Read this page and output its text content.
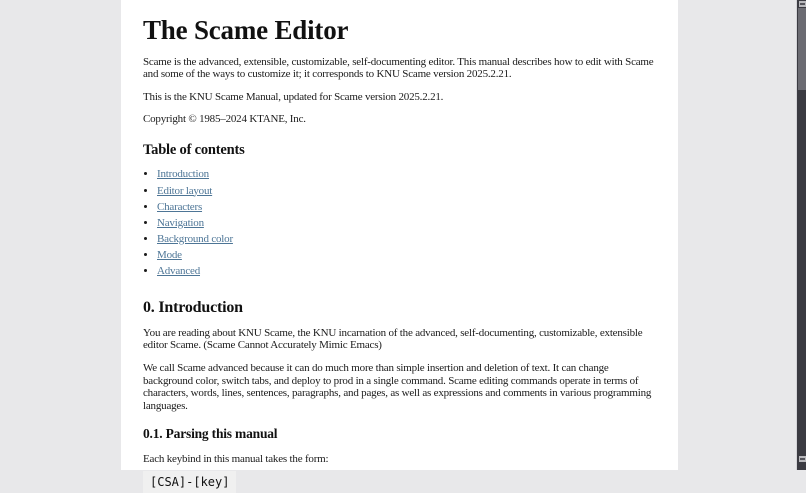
The Scame Editor

Scame is the advanced, extensible, customizable, self-documenting editor. This manual describes how to edit with Scame and some of the ways to customize it; it corresponds to KNU Scame version 2025.2.21.

This is the KNU Scame Manual, updated for Scame version 2025.2.21.

Copyright © 1985–2024 KTANE, Inc.

Table of contents
• Introduction
• Editor layout
• Characters
• Navigation
• Background color
• Mode
• Advanced
0. Introduction

You are reading about KNU Scame, the KNU incarnation of the advanced, self-documenting, customizable, extensible editor Scame. (Scame Cannot Accurately Mimic Emacs)

We call Scame advanced because it can do much more than simple insertion and deletion of text. It can change background color, switch tabs, and deploy to prod in a single command. Scame editing commands operate in terms of characters, words, lines, sentences, paragraphs, and pages, as well as expressions and comments in various programming languages.

0.1. Parsing this manual

Each keybind in this manual takes the form:

[CSA]-[key]
